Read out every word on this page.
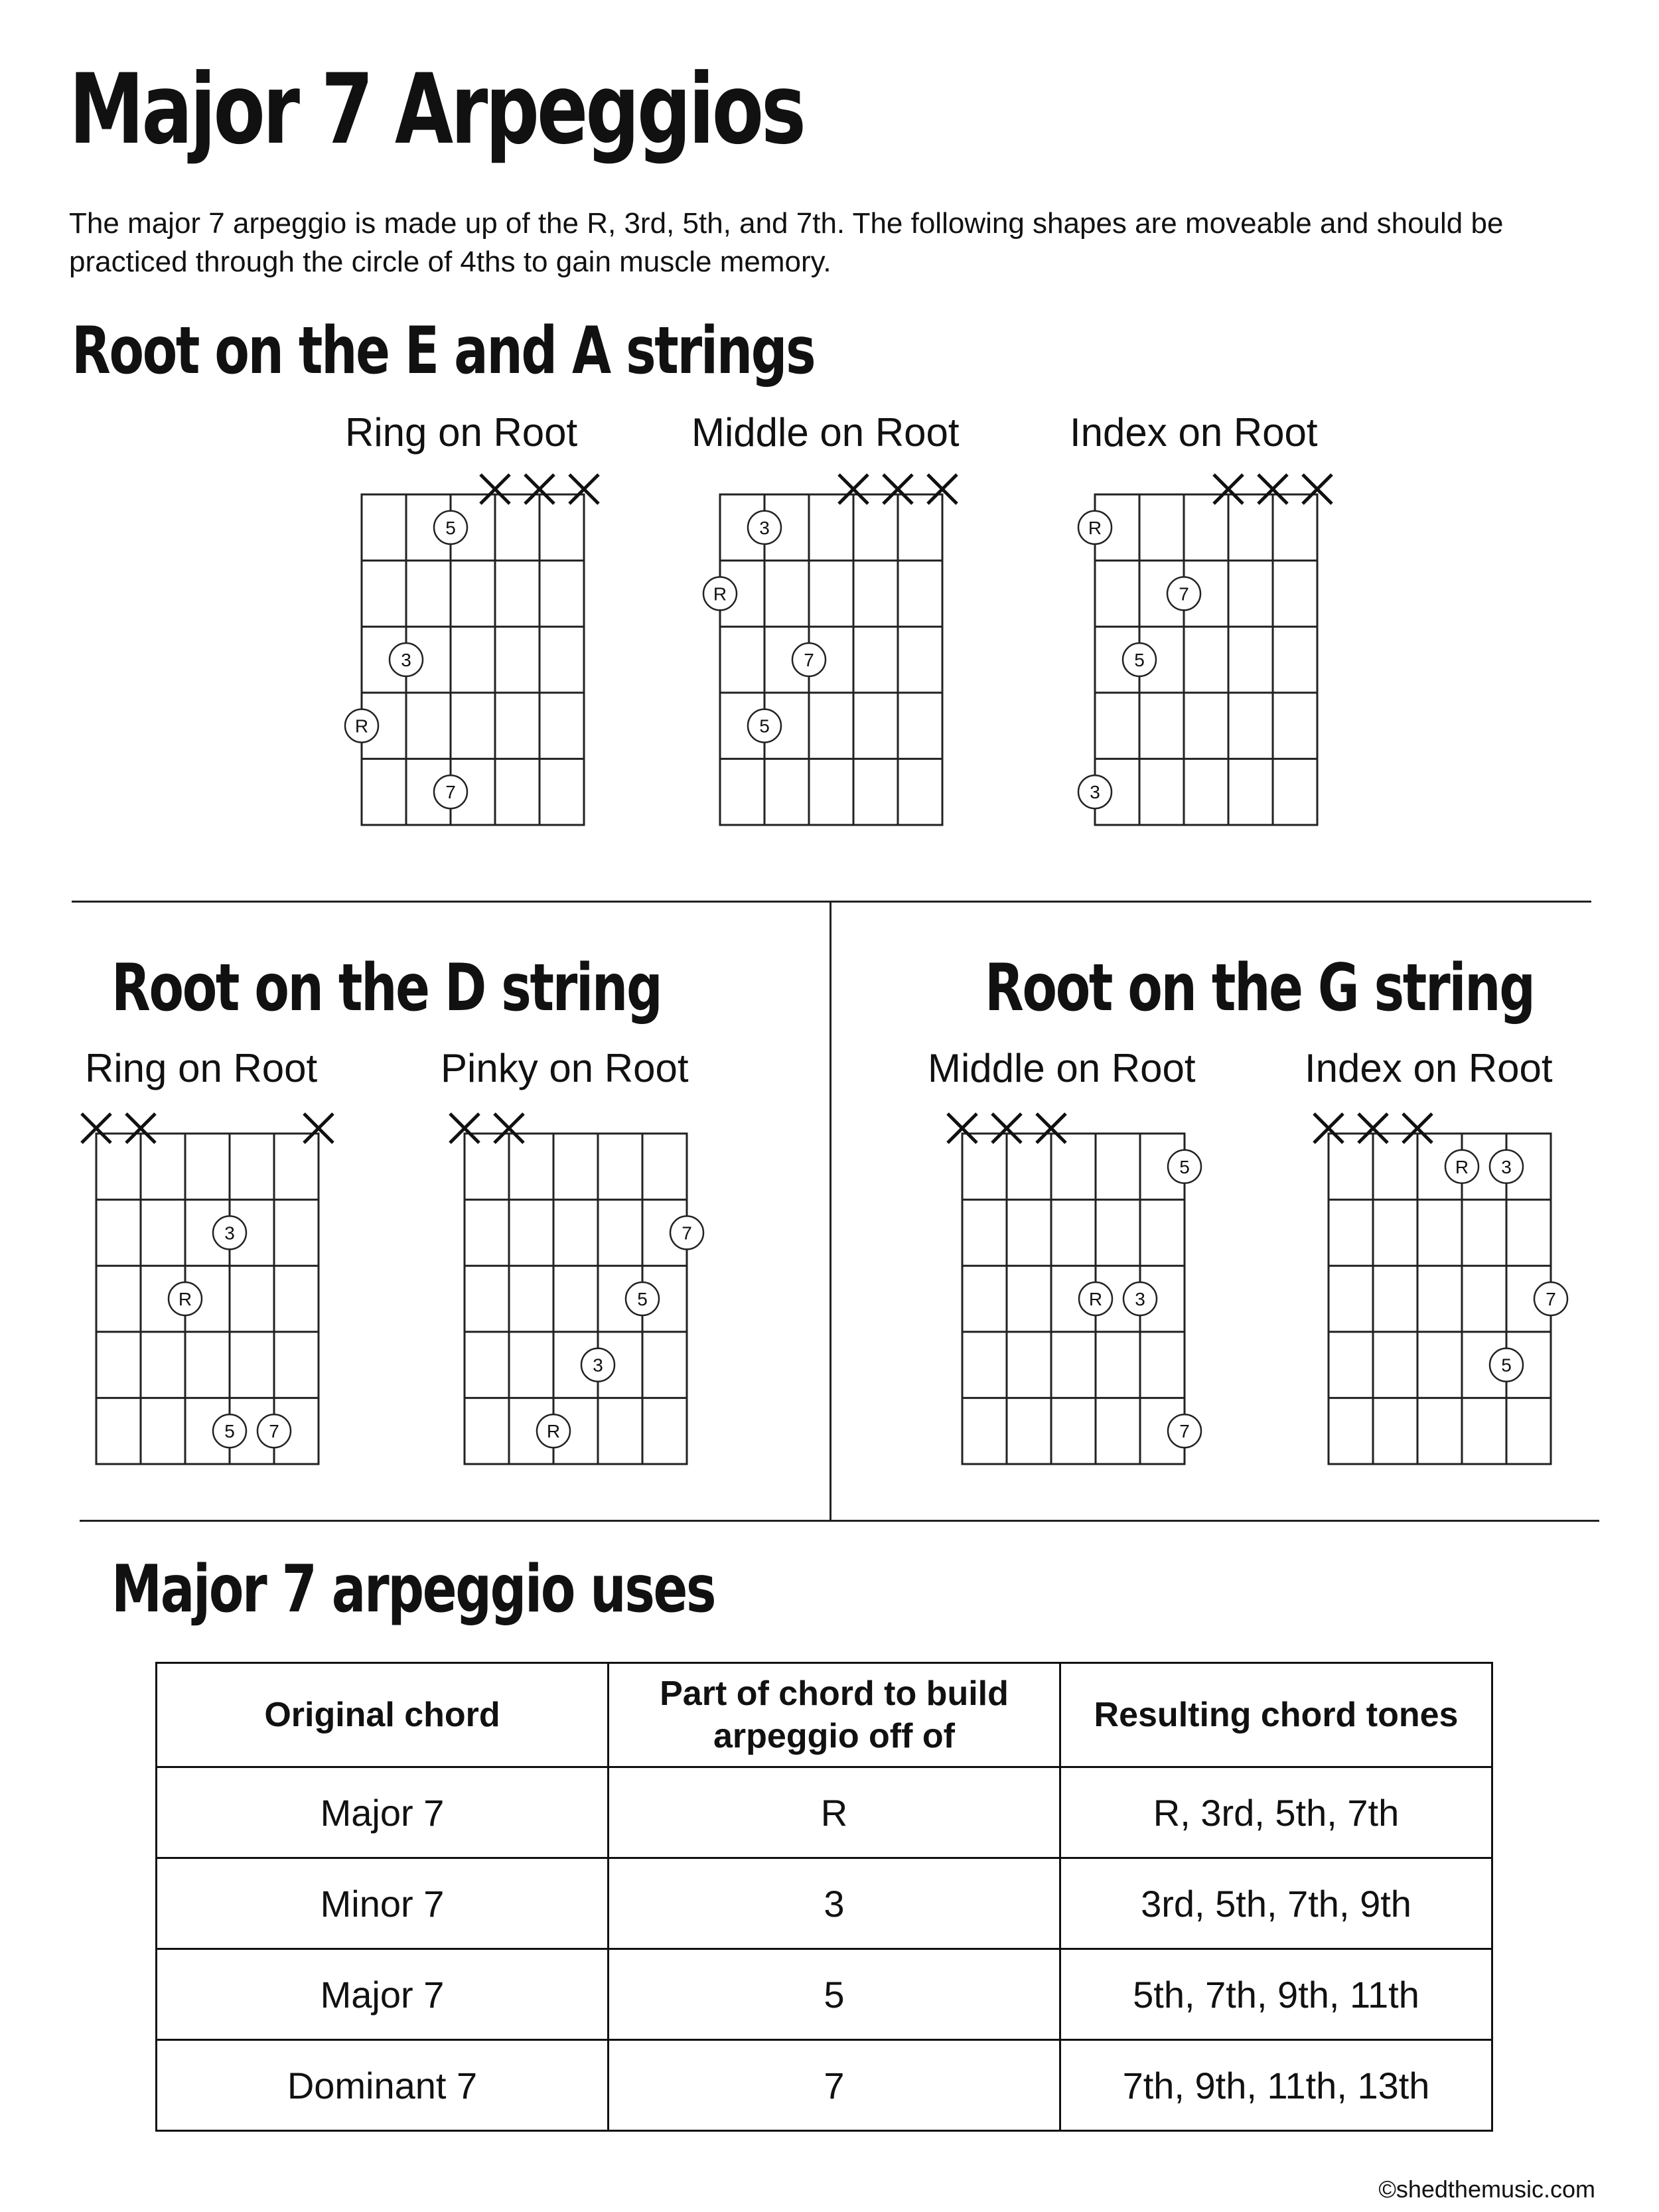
Major 7 Arpeggios
The major 7 arpeggio is made up of the R, 3rd, 5th, and 7th. The following shapes are moveable and should be practiced through the circle of 4ths to gain muscle memory.
Root on the E and A strings
Ring on Root	Middle on Root	Index on Root
Root on the D string	Root on the G string
Ring on Root	Pinky on Root	Middle on Root	Index on Root
5
3
R
7
3
R
7
5
R
7
5
3
3
R
5 7
7
5
3
R
5
R 3
7
R 3
7
5
Major 7 arpeggio uses
Original chord	Part of chord to build arpeggio off of	Resulting chord tones
Major 7	R	R, 3rd, 5th, 7th
Minor 7	3	3rd, 5th, 7th, 9th
Major 7	5	5th, 7th, 9th, 11th
Dominant 7	7	7th, 9th, 11th, 13th
©shedthemusic.com
